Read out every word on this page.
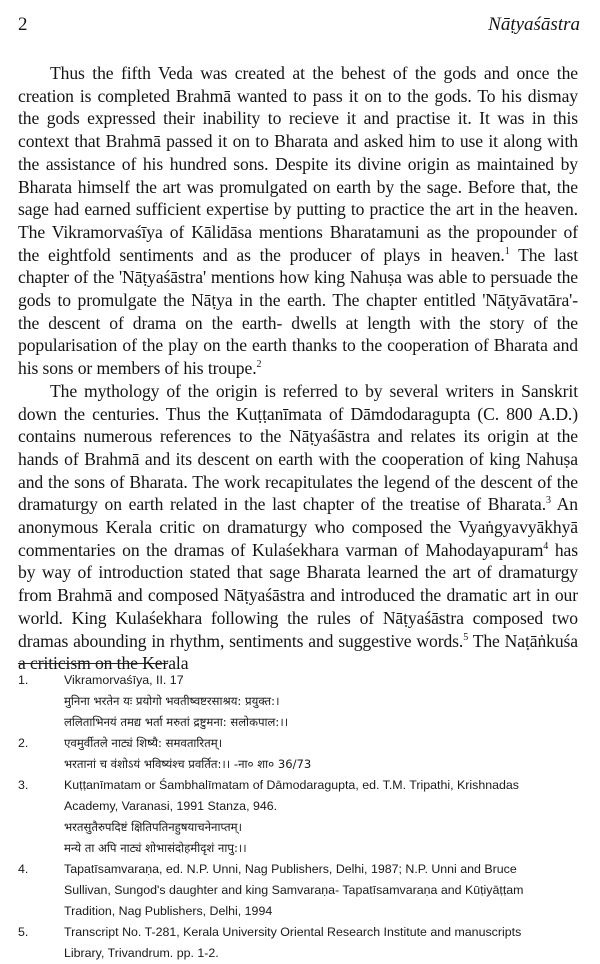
2	Nāṭyaśāstra

Thus the fifth Veda was created at the behest of the gods and once the creation is completed Brahmā wanted to pass it on to the gods. To his dismay the gods expressed their inability to recieve it and practise it. It was in this context that Brahmā passed it on to Bharata and asked him to use it along with the assistance of his hundred sons. Despite its divine origin as maintained by Bharata himself the art was promulgated on earth by the sage. Before that, the sage had earned sufficient expertise by putting to practice the art in the heaven. The Vikramorvaśīya of Kālidāsa mentions Bharatamuni as the propounder of the eightfold sentiments and as the producer of plays in heaven.$^1$ The last chapter of the 'Nāṭyaśāstra' mentions how king Nahuṣa was able to persuade the gods to promulgate the Nāṭya in the earth. The chapter entitled 'Nāṭyāvatāra'- the descent of drama on the earth- dwells at length with the story of the popularisation of the play on the earth thanks to the cooperation of Bharata and his sons or members of his troupe.$^2$

The mythology of the origin is referred to by several writers in Sanskrit down the centuries. Thus the Kuṭṭanīmata of Dāmdodaragupta (C. 800 A.D.) contains numerous references to the Nāṭyaśāstra and relates its origin at the hands of Brahmā and its descent on earth with the cooperation of king Nahuṣa and the sons of Bharata. The work recapitulates the legend of the descent of the dramaturgy on earth related in the last chapter of the treatise of Bharata.$^3$ An anonymous Kerala critic on dramaturgy who composed the Vyaṅgyavyākhyā commentaries on the dramas of Kulaśekhara varman of Mahodayapuram$^4$ has by way of introduction stated that sage Bharata learned the art of dramaturgy from Brahmā and composed Nāṭyaśāstra and introduced the dramatic art in our world. King Kulaśekhara following the rules of Nāṭyaśāstra composed two dramas abounding in rhythm, sentiments and suggestive words.$^5$ The Naṭāṅkuśa a criticism on the Kerala

1.	Vikramorvaśīya, II. 17
मुनिना भरतेन यः प्रयोगो भवतीष्वष्टरसाश्रय: प्रयुक्त:।
ललिताभिनयं तमद्य भर्ता मरुतां द्रष्टुमना: सलोकपाल:।।
2.	एवमुर्वीतले नाट्यं शिष्यै: समवतारितम्।
भरतानां च वंशोऽयं भविष्यंश्च प्रवर्तित:।। -ना० शा० 36/73
3.	Kuṭṭanīmatam or Śambhalīmatam of Dāmodaragupta, ed. T.M. Tripathi, Krishnadas
Academy, Varanasi, 1991 Stanza, 946.
भरतसुतैरुपदिष्टं क्षितिपतिनहुषयाचनेनाप्तम्।
मन्ये ता अपि नाट्यं शोभासंदोहमीदृशं नापु:।।
4.	Tapatīsamvaraṇa, ed. N.P. Unni, Nag Publishers, Delhi, 1987; N.P. Unni and Bruce
Sullivan, Sungod's daughter and king Samvaraṇa- Tapatīsamvaraṇa and Kūṭiyāṭṭam
Tradition, Nag Publishers, Delhi, 1994
5.	Transcript No. T-281, Kerala University Oriental Research Institute and manuscripts
Library, Trivandrum. pp. 1-2.
